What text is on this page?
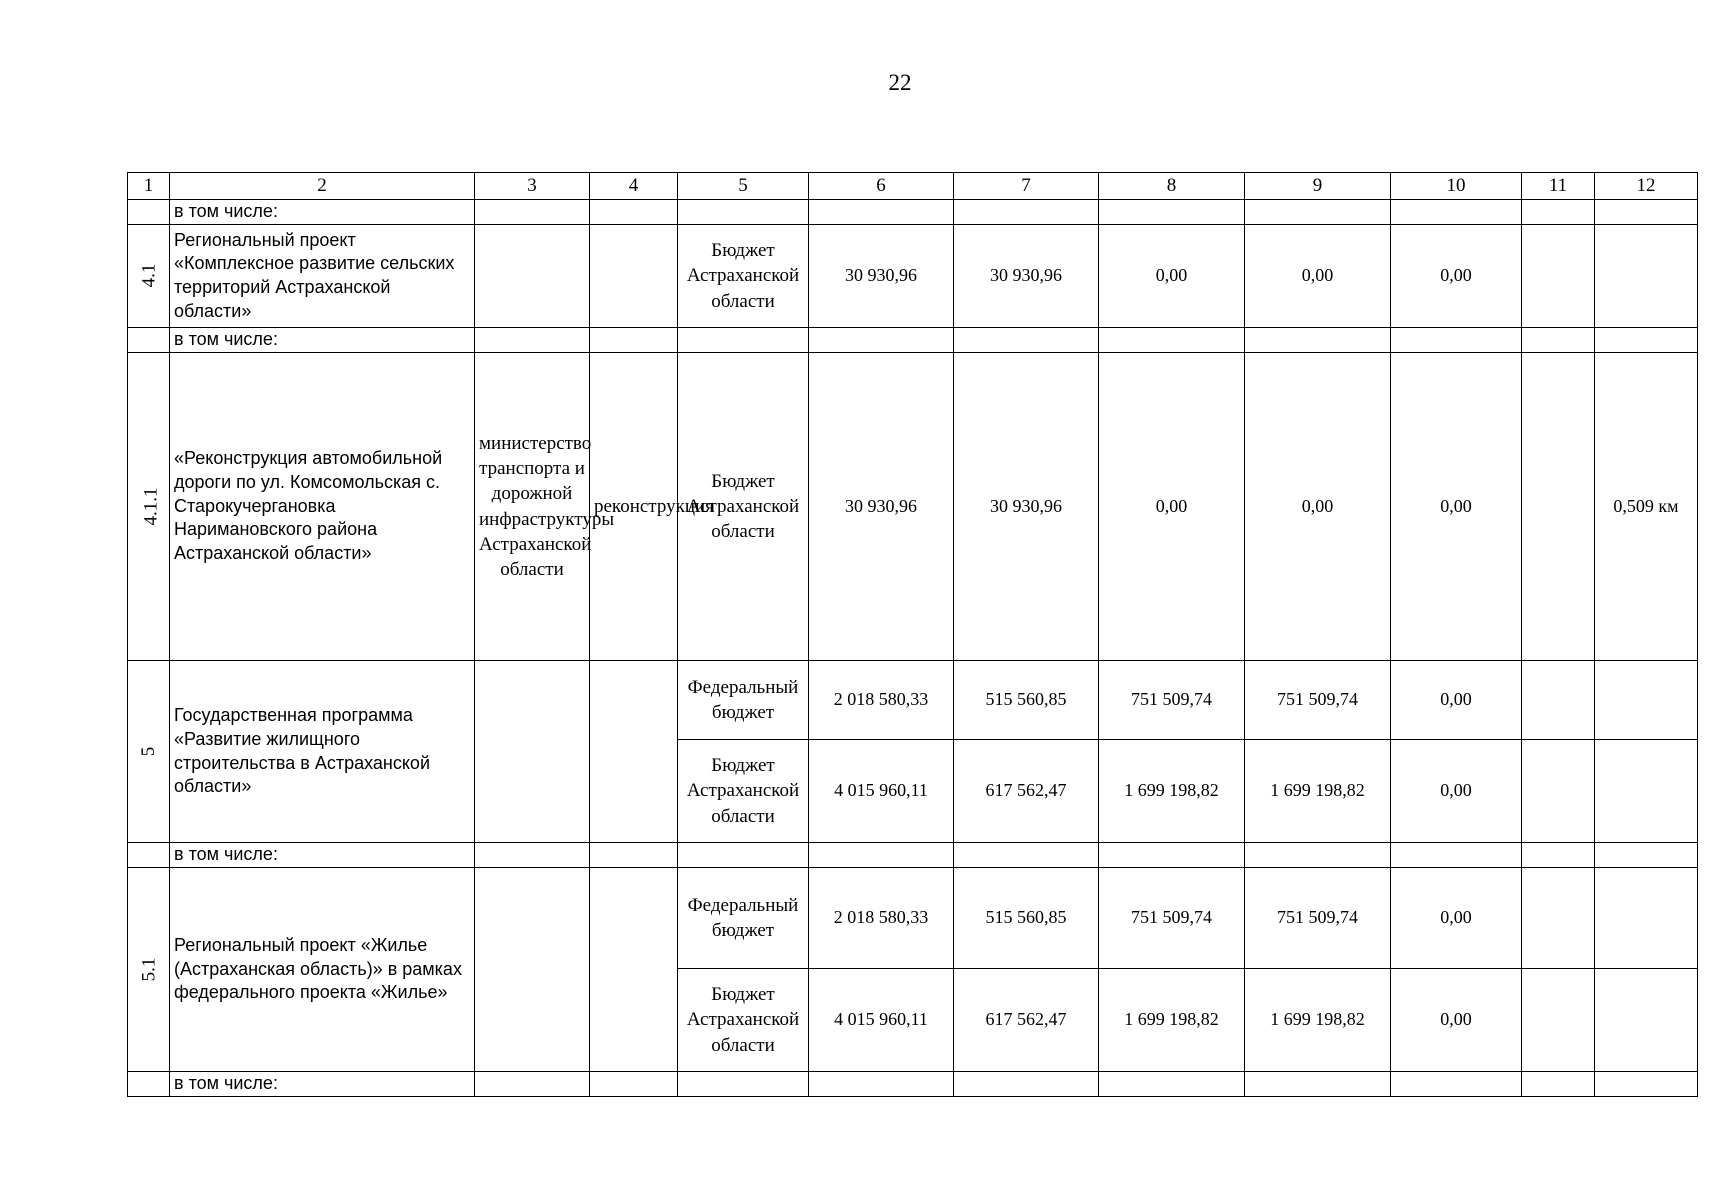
22
1	2	3	4	5	6	7	8	9	10	11	12
	в том числе:										
4.1	Региональный проект «Комплексное развитие сельских территорий Астраханской области»			Бюджет Астраханской области	30 930,96	30 930,96	0,00	0,00	0,00		
	в том числе:										
4.1.1	«Реконструкция автомобильной дороги по ул. Комсомольская с. Старокучергановка Наримановского района Астраханской области»	министерство транспорта и дорожной инфраструктуры Астраханской области	реконструкция	Бюджет Астраханской области	30 930,96	30 930,96	0,00	0,00	0,00		0,509 км
5	Государственная программа «Развитие жилищного строительства в Астраханской области»			Федеральный бюджет	2 018 580,33	515 560,85	751 509,74	751 509,74	0,00		
				Бюджет Астраханской области	4 015 960,11	617 562,47	1 699 198,82	1 699 198,82	0,00		
	в том числе:										
5.1	Региональный проект «Жилье (Астраханская область)» в рамках федерального проекта «Жилье»			Федеральный бюджет	2 018 580,33	515 560,85	751 509,74	751 509,74	0,00		
				Бюджет Астраханской области	4 015 960,11	617 562,47	1 699 198,82	1 699 198,82	0,00		
	в том числе:										
